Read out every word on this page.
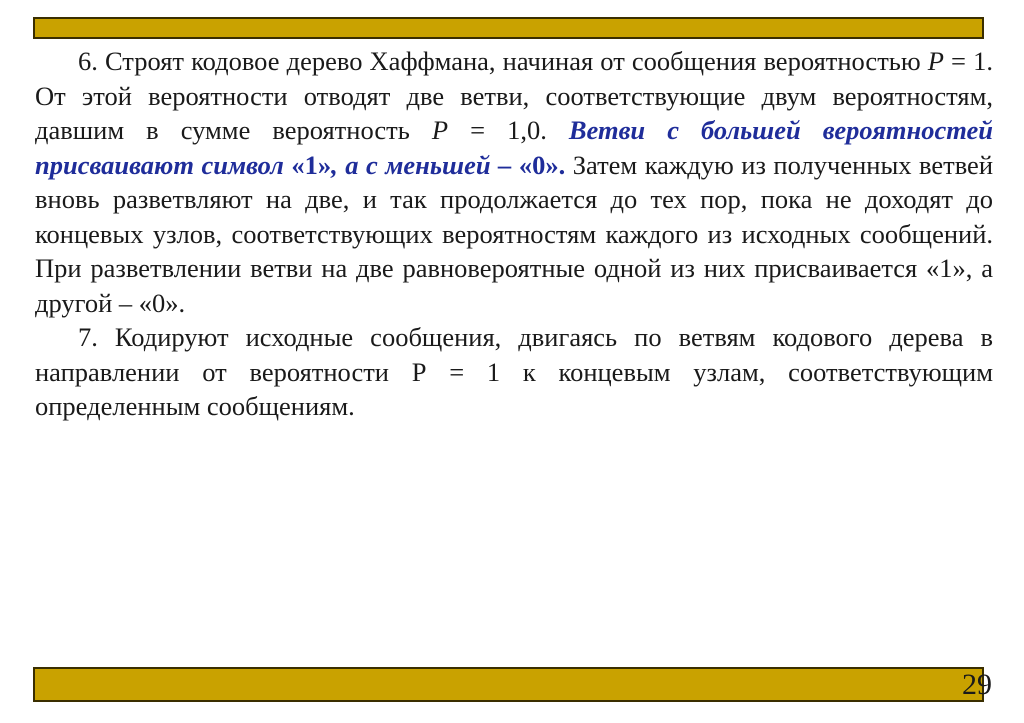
6. Строят кодовое дерево Хаффмана, начиная от сообщения вероятностью P = 1. От этой вероятности отводят две ветви, соответствующие двум вероятностям, давшим в сумме вероятность P = 1,0. Ветви с большей вероятностей присваивают символ «1», а с меньшей – «0». Затем каждую из полученных ветвей вновь разветвляют на две, и так продолжается до тех пор, пока не доходят до концевых узлов, соответствующих вероятностям каждого из исходных сообщений. При разветвлении ветви на две равновероятные одной из них присваивается «1», а другой – «0».

7. Кодируют исходные сообщения, двигаясь по ветвям кодового дерева в направлении от вероятности Р = 1 к концевым узлам, соответствующим определенным сообщениям.

29
